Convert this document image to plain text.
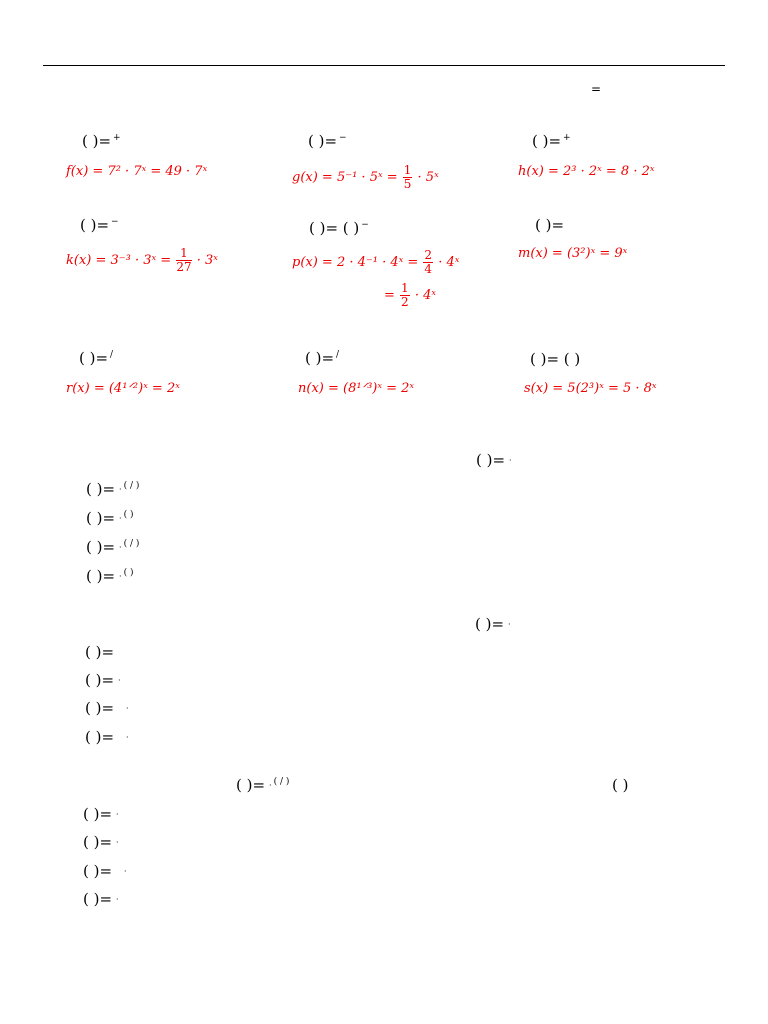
=
( )= +
f(x) = 7² · 7ˣ = 49 · 7ˣ
( )= −
g(x) = 5⁻¹ · 5ˣ = $\frac{1}{5}$ · 5ˣ
( )= +
h(x) = 2³ · 2ˣ = 8 · 2ˣ
( )= −
k(x) = 3⁻³ · 3ˣ = $\frac{1}{27}$ · 3ˣ
( )= ( ) −
p(x) = 2 · 4⁻¹ · 4ˣ = $\frac{2}{4}$ · 4ˣ
= $\frac{1}{2}$ · 4ˣ
( )=
m(x) = (3²)ˣ = 9ˣ
( )= /
r(x) = (4¹ᐟ²)ˣ = 2ˣ
( )= /
n(x) = (8¹ᐟ³)ˣ = 2ˣ
( )= ( )
s(x) = 5(2³)ˣ = 5 · 8ˣ
( )= ·
( )= · ( / )
( )= · ( )
( )= · ( / )
( )= · ( )
( )= ·
( )=
( )= ·
( )= ·
( )= ·
( )= · ( / )	( )
( )= ·
( )= ·
( )= ·
( )= ·
